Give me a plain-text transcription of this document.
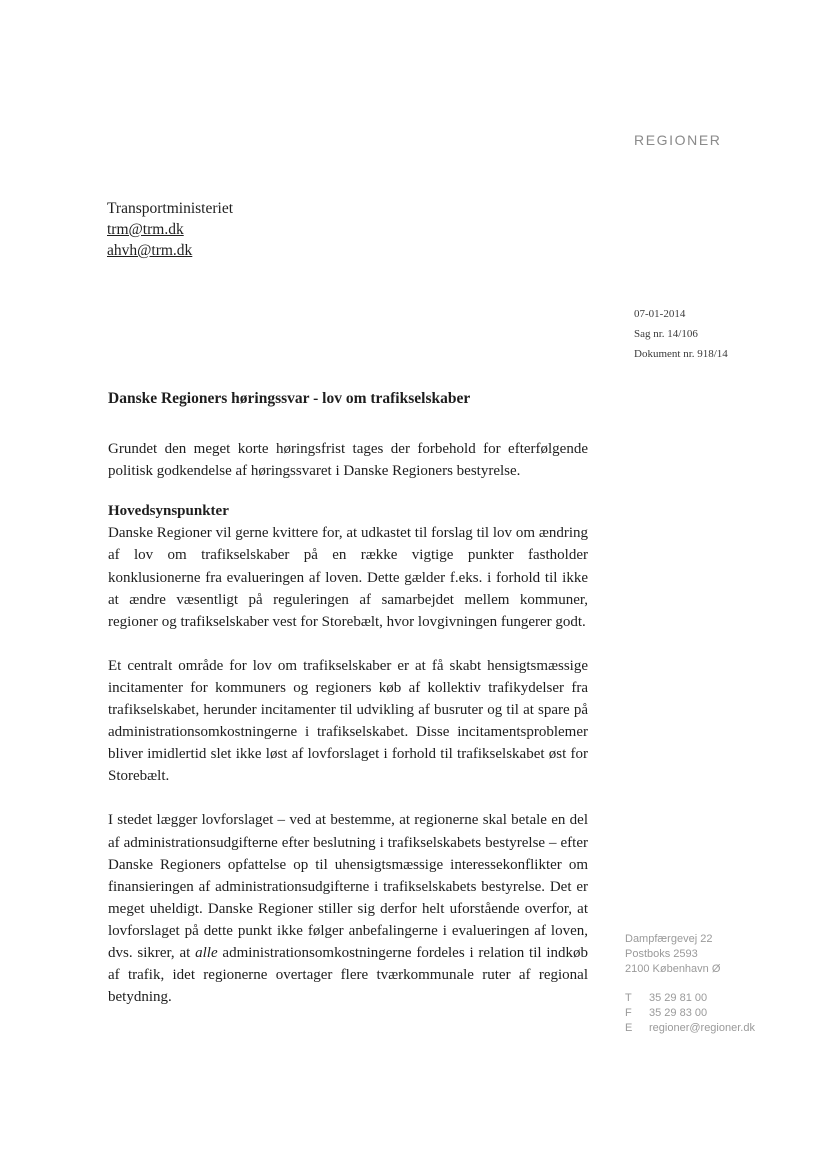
REGIONER
Transportministeriet
trm@trm.dk
ahvh@trm.dk
07-01-2014
Sag nr. 14/106
Dokument nr. 918/14
Danske Regioners høringssvar - lov om trafikselskaber

Grundet den meget korte høringsfrist tages der forbehold for efterfølgende politisk godkendelse af høringssvaret i Danske Regioners bestyrelse.

Hovedsynspunkter
Danske Regioner vil gerne kvittere for, at udkastet til forslag til lov om ændring af lov om trafikselskaber på en række vigtige punkter fastholder konklusionerne fra evalueringen af loven. Dette gælder f.eks. i forhold til ikke at ændre væsentligt på reguleringen af samarbejdet mellem kommuner, regioner og trafikselskaber vest for Storebælt, hvor lovgivningen fungerer godt.

Et centralt område for lov om trafikselskaber er at få skabt hensigtsmæssige incitamenter for kommuners og regioners køb af kollektiv trafikydelser fra trafikselskabet, herunder incitamenter til udvikling af busruter og til at spare på administrationsomkostningerne i trafikselskabet. Disse incitamentsproblemer bliver imidlertid slet ikke løst af lovforslaget i forhold til trafikselskabet øst for Storebælt.

I stedet lægger lovforslaget – ved at bestemme, at regionerne skal betale en del af administrationsudgifterne efter beslutning i trafikselskabets bestyrelse – efter Danske Regioners opfattelse op til uhensigtsmæssige interessekonflikter om finansieringen af administrationsudgifterne i trafikselskabets bestyrelse. Det er meget uheldigt. Danske Regioner stiller sig derfor helt uforstående overfor, at lovforslaget på dette punkt ikke følger anbefalingerne i evalueringen af loven, dvs. sikrer, at alle administrationsomkostningerne fordeles i relation til indkøb af trafik, idet regionerne overtager flere tværkommunale ruter af regional betydning.

Dampfærgevej 22
Postboks 2593
2100 København Ø
T	35 29 81 00
F	35 29 83 00
E	regioner@regioner.dk
